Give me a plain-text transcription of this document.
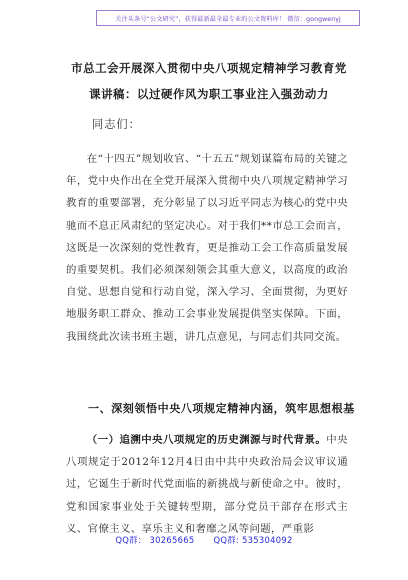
关注头条号“公文研究”，获得最新最全最专业的公文资料库！ 微信：gongwenyj
市总工会开展深入贯彻中央八项规定精神学习教育党课讲稿：以过硬作风为职工事业注入强劲动力
同志们：

在“十四五”规划收官、“十五五”规划谋篇布局的关键之年，党中央作出在全党开展深入贯彻中央八项规定精神学习教育的重要部署，充分彰显了以习近平同志为核心的党中央驰而不息正风肃纪的坚定决心。对于我们**市总工会而言，这既是一次深刻的党性教育，更是推动工会工作高质量发展的重要契机。我们必须深刻领会其重大意义，以高度的政治自觉、思想自觉和行动自觉，深入学习、全面贯彻，为更好地服务职工群众、推动工会事业发展提供坚实保障。下面，我围绕此次读书班主题，讲几点意见，与同志们共同交流。

一、深刻领悟中央八项规定精神内涵，筑牢思想根基

（一）追溯中央八项规定的历史渊源与时代背景。中央八项规定于2012年12月4日由中共中央政治局会议审议通过，它诞生于新时代党面临的新挑战与新使命之中。彼时，党和国家事业处于关键转型期，部分党员干部存在形式主义、官僚主义、享乐主义和奢靡之风等问题，严重影

QQ群： 30265665 QQ群: 535304092
